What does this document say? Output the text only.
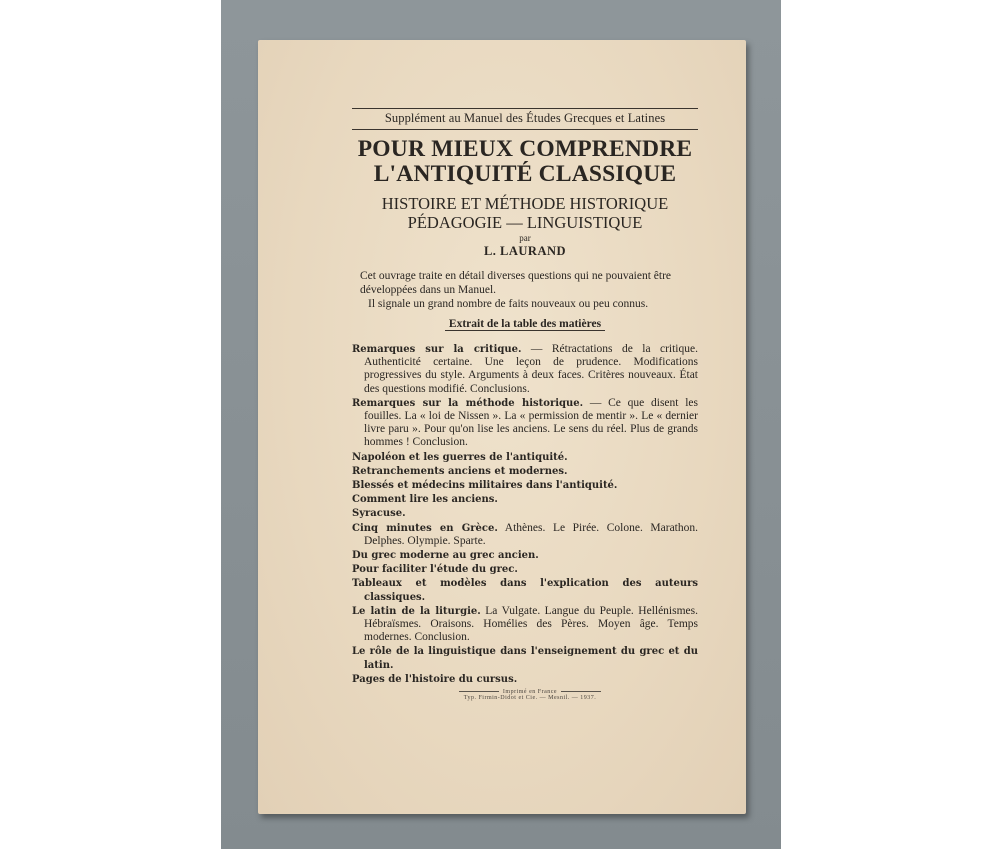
Supplément au Manuel des Études Grecques et Latines
POUR MIEUX COMPRENDRE
L'ANTIQUITÉ CLASSIQUE
HISTOIRE ET MÉTHODE HISTORIQUE
PÉDAGOGIE — LINGUISTIQUE
par
L. LAURAND

Cet ouvrage traite en détail diverses questions qui ne pouvaient être développées dans un Manuel.

Il signale un grand nombre de faits nouveaux ou peu connus.

Extrait de la table des matières

Remarques sur la critique. — Rétractations de la critique. Authenticité certaine. Une leçon de prudence. Modifications progressives du style. Arguments à deux faces. Critères nouveaux. État des questions modifié. Conclusions.

Remarques sur la méthode historique. — Ce que disent les fouilles. La « loi de Nissen ». La « permission de mentir ». Le « dernier livre paru ». Pour qu'on lise les anciens. Le sens du réel. Plus de grands hommes ! Conclusion.

Napoléon et les guerres de l'antiquité.

Retranchements anciens et modernes.

Blessés et médecins militaires dans l'antiquité.

Comment lire les anciens.

Syracuse.

Cinq minutes en Grèce. Athènes. Le Pirée. Colone. Marathon. Delphes. Olympie. Sparte.

Du grec moderne au grec ancien.

Pour faciliter l'étude du grec.

Tableaux et modèles dans l'explication des auteurs classiques.

Le latin de la liturgie. La Vulgate. Langue du Peuple. Hellénismes. Hébraïsmes. Oraisons. Homélies des Pères. Moyen âge. Temps modernes. Conclusion.

Le rôle de la linguistique dans l'enseignement du grec et du latin.

Pages de l'histoire du cursus.

Imprimé en France
Typ. Firmin-Didot et Cie. — Mesnil. — 1937.
